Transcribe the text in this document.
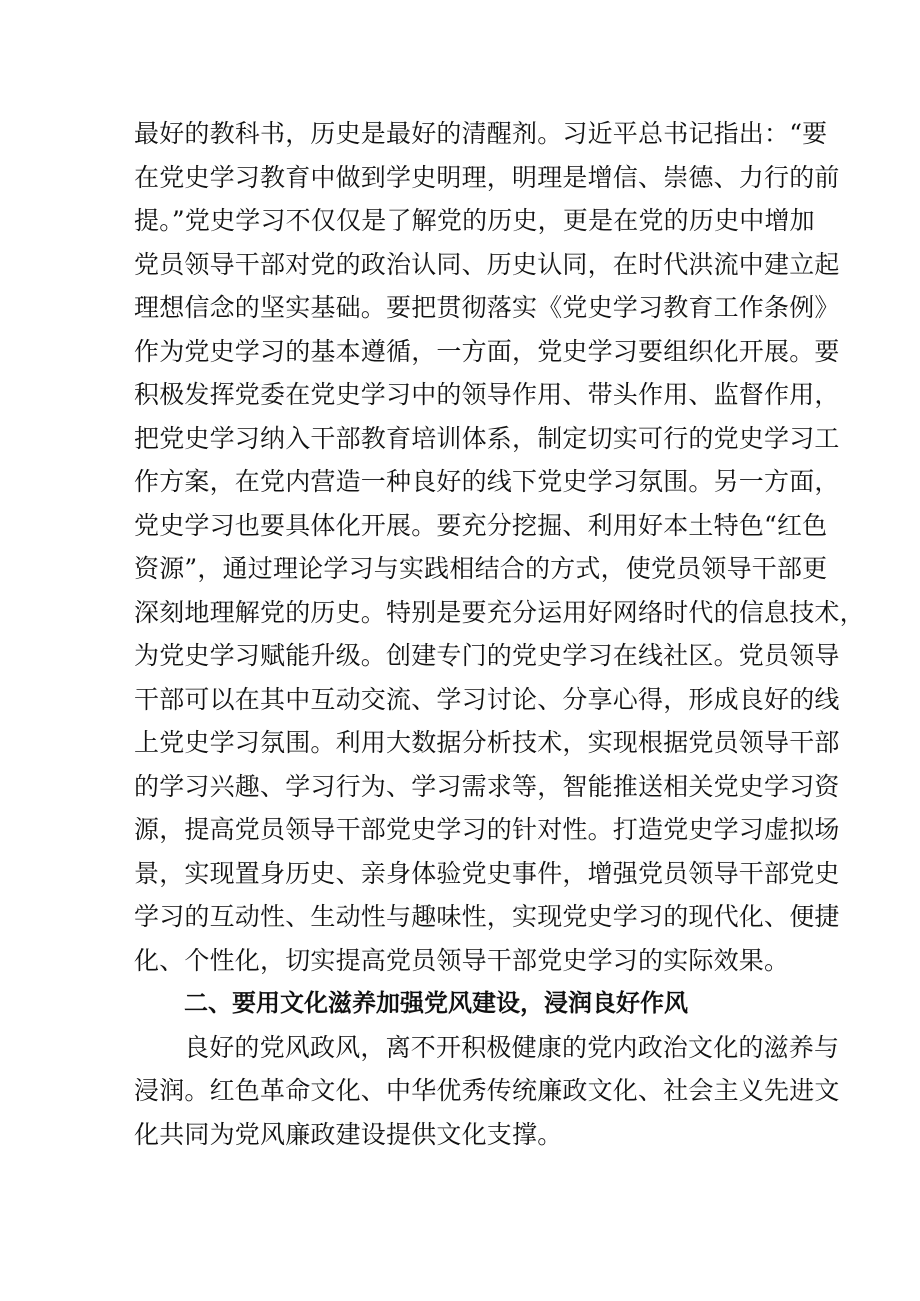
最好的教科书，历史是最好的清醒剂。习近平总书记指出：“要
在党史学习教育中做到学史明理，明理是增信、崇德、力行的前
提。”党史学习不仅仅是了解党的历史，更是在党的历史中增加
党员领导干部对党的政治认同、历史认同，在时代洪流中建立起
理想信念的坚实基础。要把贯彻落实《党史学习教育工作条例》
作为党史学习的基本遵循，一方面，党史学习要组织化开展。要
积极发挥党委在党史学习中的领导作用、带头作用、监督作用，
把党史学习纳入干部教育培训体系，制定切实可行的党史学习工
作方案，在党内营造一种良好的线下党史学习氛围。另一方面，
党史学习也要具体化开展。要充分挖掘、利用好本土特色“红色
资源”，通过理论学习与实践相结合的方式，使党员领导干部更
深刻地理解党的历史。特别是要充分运用好网络时代的信息技术，
为党史学习赋能升级。创建专门的党史学习在线社区。党员领导
干部可以在其中互动交流、学习讨论、分享心得，形成良好的线
上党史学习氛围。利用大数据分析技术，实现根据党员领导干部
的学习兴趣、学习行为、学习需求等，智能推送相关党史学习资
源，提高党员领导干部党史学习的针对性。打造党史学习虚拟场
景，实现置身历史、亲身体验党史事件，增强党员领导干部党史
学习的互动性、生动性与趣味性，实现党史学习的现代化、便捷
化、个性化，切实提高党员领导干部党史学习的实际效果。
二、要用文化滋养加强党风建设，浸润良好作风
良好的党风政风，离不开积极健康的党内政治文化的滋养与
浸润。红色革命文化、中华优秀传统廉政文化、社会主义先进文
化共同为党风廉政建设提供文化支撑。
